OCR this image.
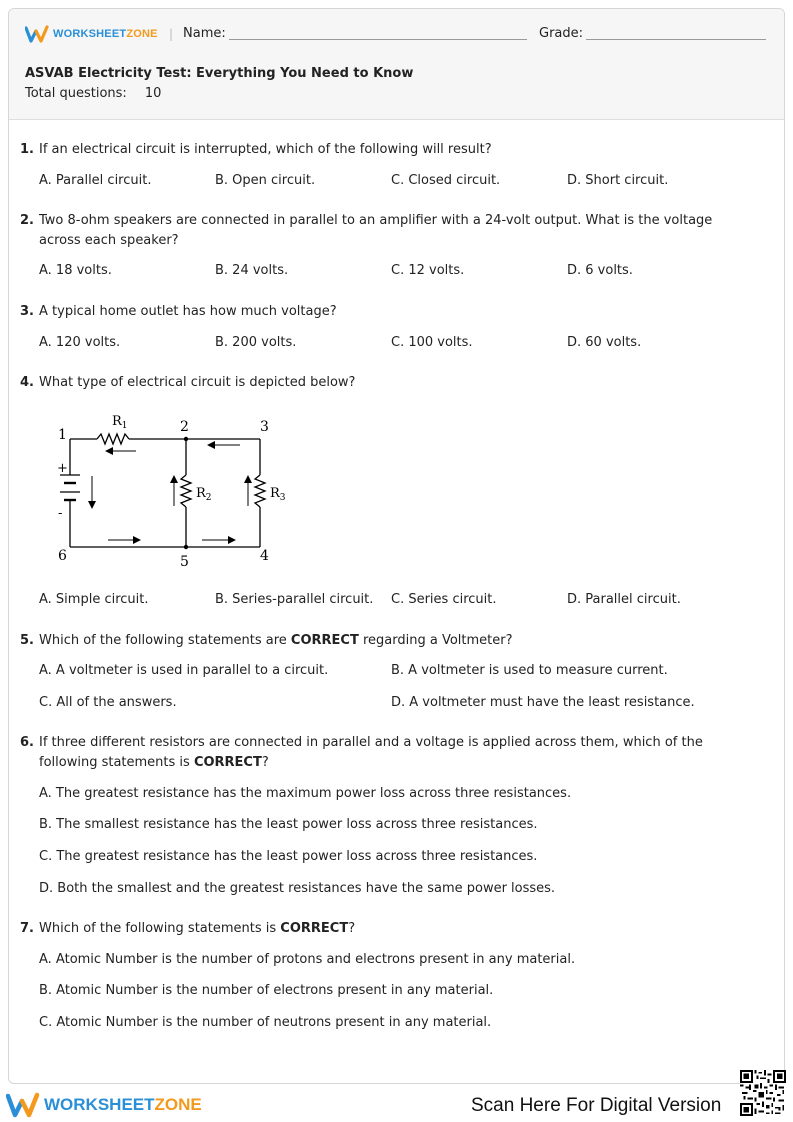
WORKSHEETZONE | Name:	Grade:
ASVAB Electricity Test: Everything You Need to Know
Total questions: 10
1. If an electrical circuit is interrupted, which of the following will result?
A. Parallel circuit.	B. Open circuit.	C. Closed circuit.	D. Short circuit.
2. Two 8-ohm speakers are connected in parallel to an amplifier with a 24-volt output. What is the voltage across each speaker?
A. 18 volts.	B. 24 volts.	C. 12 volts.	D. 6 volts.
3. A typical home outlet has how much voltage?
A. 120 volts.	B. 200 volts.	C. 100 volts.	D. 60 volts.
4. What type of electrical circuit is depicted below?
1	2	3
4
5
6
$R_1$
$R_2$	$R_3$
+
-
A. Simple circuit.	B. Series-parallel circuit.	C. Series circuit.	D. Parallel circuit.
5. Which of the following statements are CORRECT regarding a Voltmeter?
A. A voltmeter is used in parallel to a circuit.	B. A voltmeter is used to measure current.
C. All of the answers.	D. A voltmeter must have the least resistance.
6. If three different resistors are connected in parallel and a voltage is applied across them, which of the following statements is CORRECT?
A. The greatest resistance has the maximum power loss across three resistances.
B. The smallest resistance has the least power loss across three resistances.
C. The greatest resistance has the least power loss across three resistances.
D. Both the smallest and the greatest resistances have the same power losses.
7. Which of the following statements is CORRECT?
A. Atomic Number is the number of protons and electrons present in any material.
B. Atomic Number is the number of electrons present in any material.
C. Atomic Number is the number of neutrons present in any material.
WORKSHEETZONE	Scan Here For Digital Version
